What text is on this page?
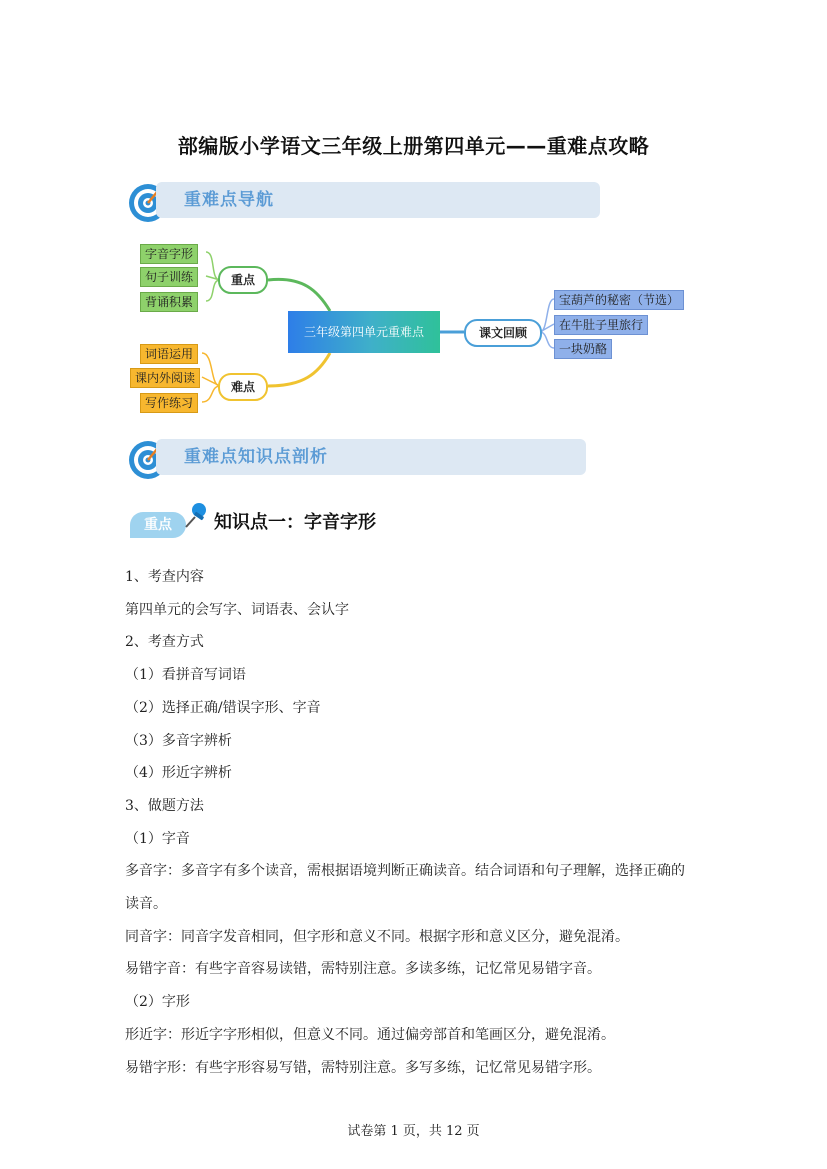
部编版小学语文三年级上册第四单元——重难点攻略
重难点导航
字音字形
句子训练
背诵积累
重点
词语运用
课内外阅读
写作练习
难点
三年级第四单元重难点	课文回顾
宝葫芦的秘密（节选）
在牛肚子里旅行
一块奶酪
重难点知识点剖析
重点	知识点一：字音字形

1、考查内容

第四单元的会写字、词语表、会认字

2、考查方式

（1）看拼音写词语

（2）选择正确/错误字形、字音

（3）多音字辨析

（4）形近字辨析

3、做题方法

（1）字音

多音字：多音字有多个读音，需根据语境判断正确读音。结合词语和句子理解，选择正确的

读音。

同音字：同音字发音相同，但字形和意义不同。根据字形和意义区分，避免混淆。

易错字音：有些字音容易读错，需特别注意。多读多练，记忆常见易错字音。

（2）字形

形近字：形近字字形相似，但意义不同。通过偏旁部首和笔画区分，避免混淆。

易错字形：有些字形容易写错，需特别注意。多写多练，记忆常见易错字形。

试卷第 1 页，共 12 页
